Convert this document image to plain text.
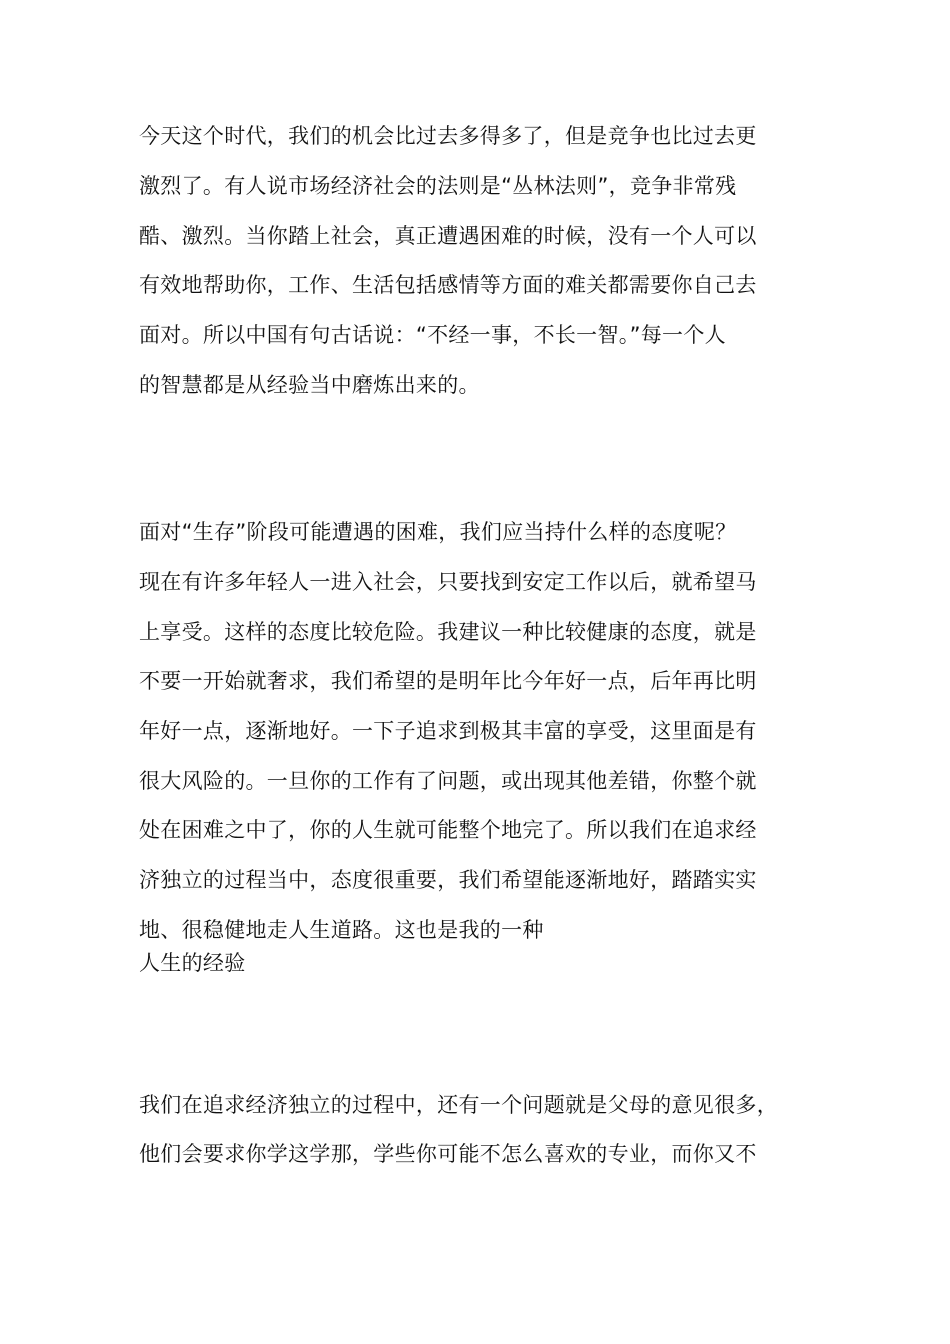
今天这个时代，我们的机会比过去多得多了，但是竞争也比过去更
激烈了。有人说市场经济社会的法则是“丛林法则”，竞争非常残
酷、激烈。当你踏上社会，真正遭遇困难的时候，没有一个人可以
有效地帮助你，工作、生活包括感情等方面的难关都需要你自己去
面对。所以中国有句古话说：“不经一事，不长一智。”每一个人
的智慧都是从经验当中磨炼出来的。
面对“生存”阶段可能遭遇的困难，我们应当持什么样的态度呢？
现在有许多年轻人一进入社会，只要找到安定工作以后，就希望马
上享受。这样的态度比较危险。我建议一种比较健康的态度，就是
不要一开始就奢求，我们希望的是明年比今年好一点，后年再比明
年好一点，逐渐地好。一下子追求到极其丰富的享受，这里面是有
很大风险的。一旦你的工作有了问题，或出现其他差错，你整个就
处在困难之中了，你的人生就可能整个地完了。所以我们在追求经
济独立的过程当中，态度很重要，我们希望能逐渐地好，踏踏实实
地、很稳健地走人生道路。这也是我的一种
人生的经验
我们在追求经济独立的过程中，还有一个问题就是父母的意见很多，
他们会要求你学这学那，学些你可能不怎么喜欢的专业，而你又不
